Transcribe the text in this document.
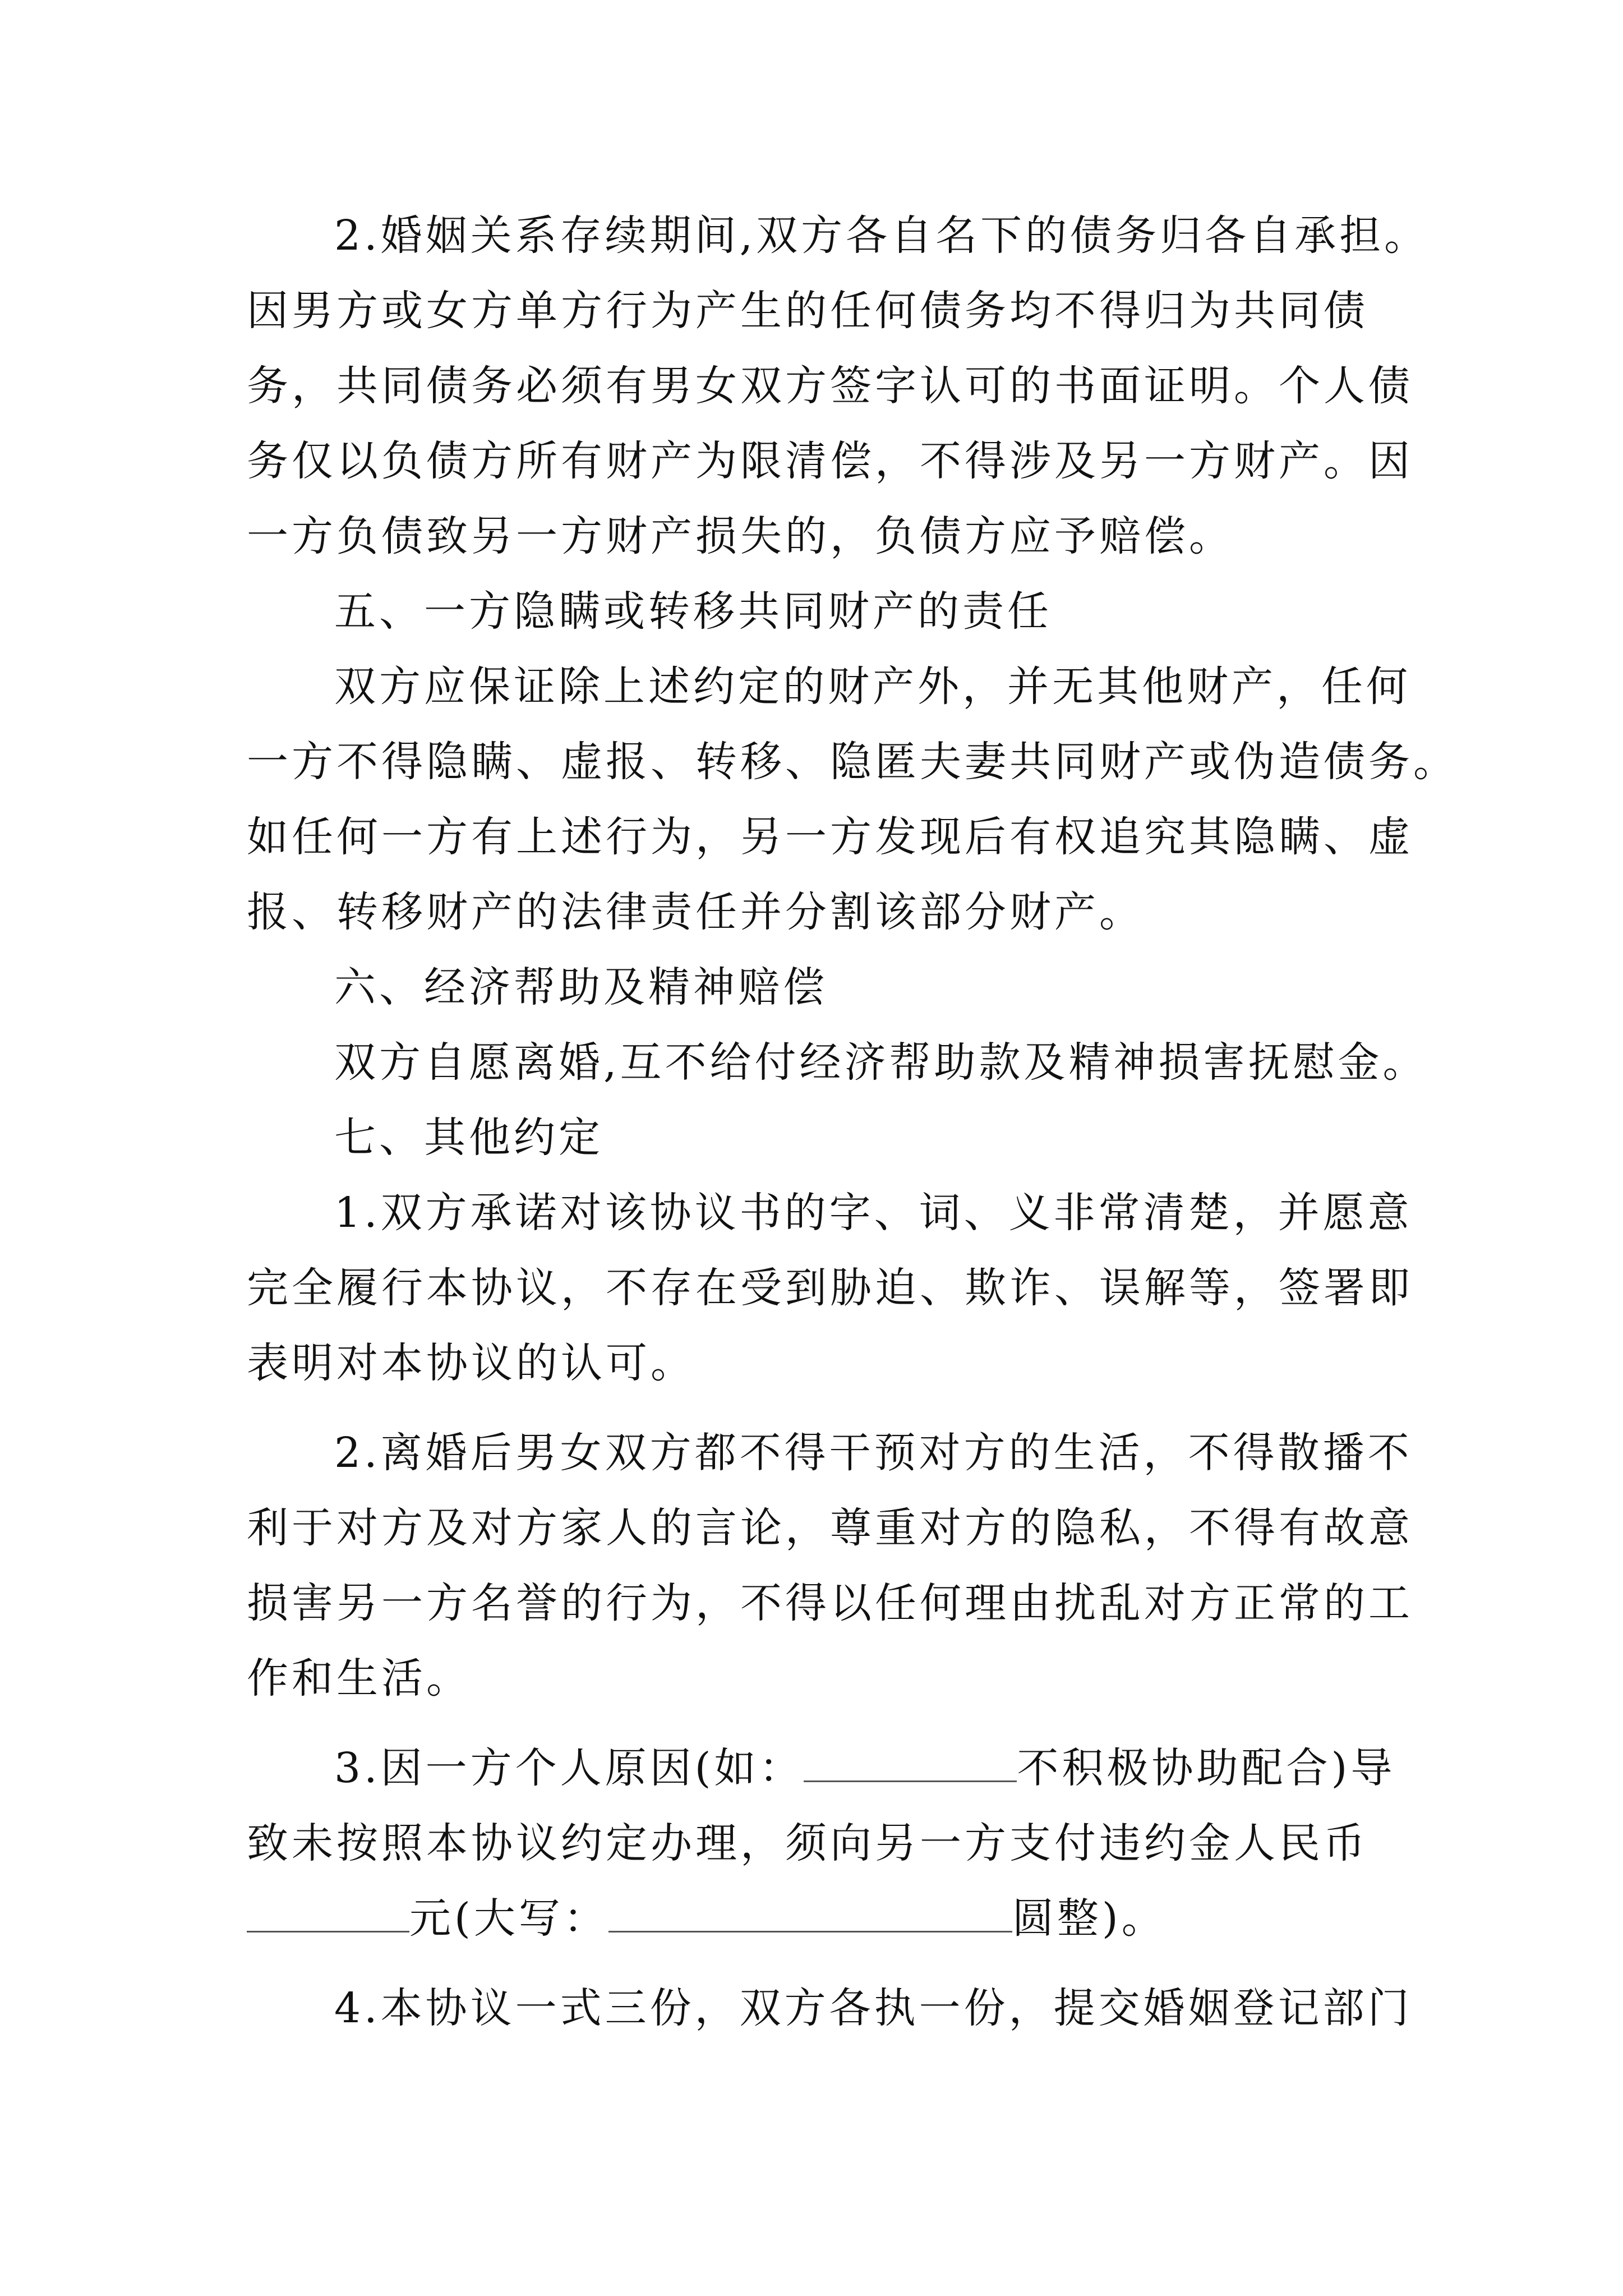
2.婚姻关系存续期间,双方各自名下的债务归各自承担。
因男方或女方单方行为产生的任何债务均不得归为共同债
务，共同债务必须有男女双方签字认可的书面证明。个人债
务仅以负债方所有财产为限清偿，不得涉及另一方财产。因
一方负债致另一方财产损失的，负债方应予赔偿。
五、一方隐瞒或转移共同财产的责任
双方应保证除上述约定的财产外，并无其他财产，任何
一方不得隐瞒、虚报、转移、隐匿夫妻共同财产或伪造债务。
如任何一方有上述行为，另一方发现后有权追究其隐瞒、虚
报、转移财产的法律责任并分割该部分财产。
六、经济帮助及精神赔偿
双方自愿离婚,互不给付经济帮助款及精神损害抚慰金。
七、其他约定
1.双方承诺对该协议书的字、词、义非常清楚，并愿意
完全履行本协议，不存在受到胁迫、欺诈、误解等，签署即
表明对本协议的认可。
2.离婚后男女双方都不得干预对方的生活，不得散播不
利于对方及对方家人的言论，尊重对方的隐私，不得有故意
损害另一方名誉的行为，不得以任何理由扰乱对方正常的工
作和生活。
3.因一方个人原因(如：	不积极协助配合)导
致未按照本协议约定办理，须向另一方支付违约金人民币
元(大写：	圆整)。
4.本协议一式三份，双方各执一份，提交婚姻登记部门
